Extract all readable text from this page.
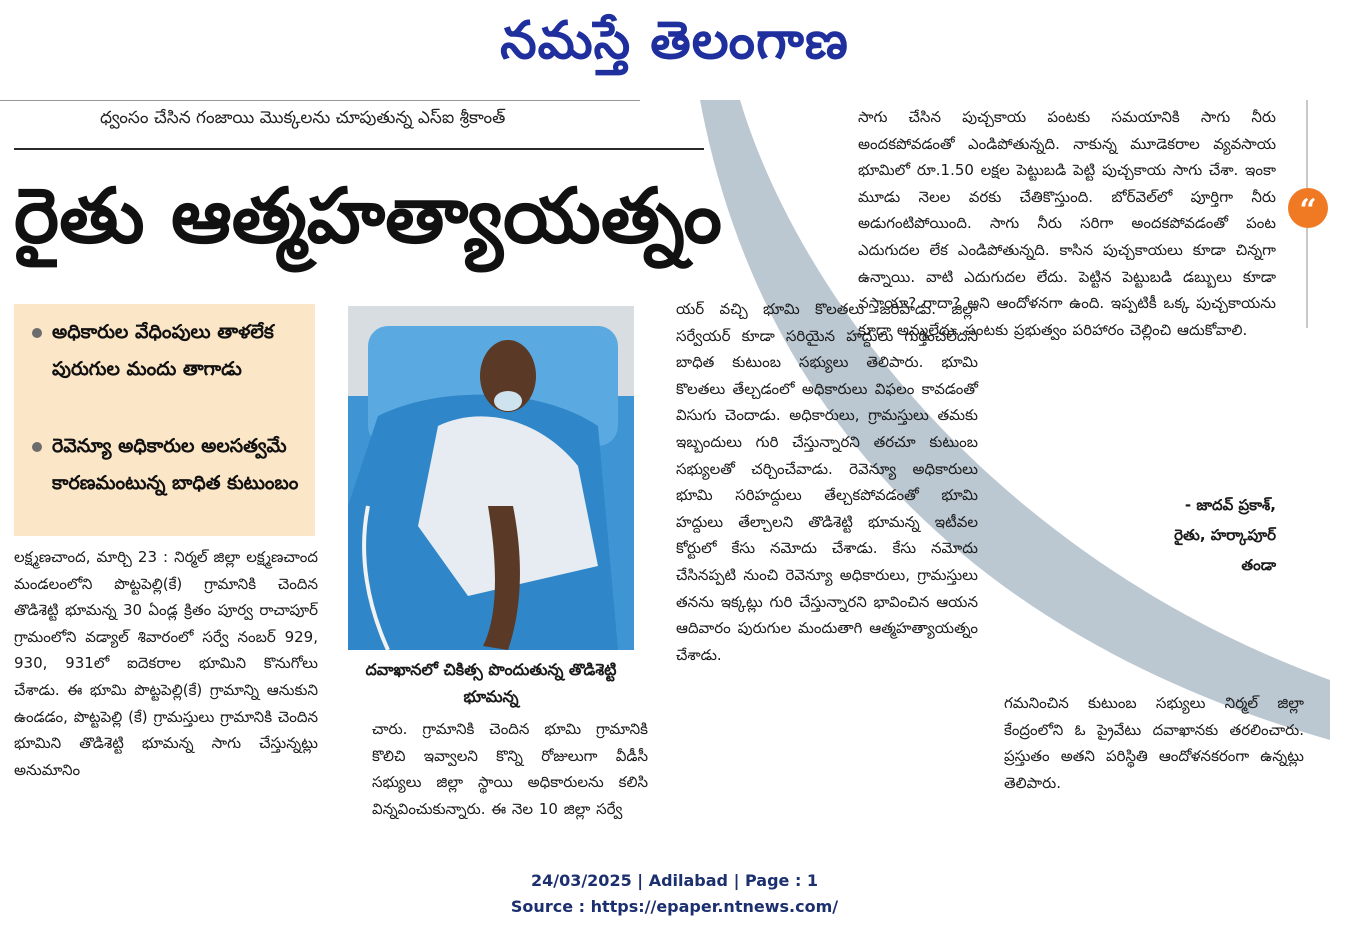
నమస్తే తెలంగాణ
ధ్వంసం చేసిన గంజాయి మొక్కలను చూపుతున్న ఎస్ఐ శ్రీకాంత్
రైతు ఆత్మహత్యాయత్నం
అధికారుల వేధింపులు తాళలేక పురుగుల మందు తాగాడు
రెవెన్యూ అధికారుల అలసత్వమే కారణమంటున్న బాధిత కుటుంబం
లక్ష్మణచాంద, మార్చి 23 : నిర్మల్ జిల్లా లక్ష్మణచాంద మండలంలోని పొట్టపెల్లి(కే) గ్రామానికి చెందిన తొడిశెట్టి భూమన్న 30 ఏండ్ల క్రితం పూర్వ రాచాపూర్ గ్రామంలోని వడ్యాల్ శివారంలో సర్వే నంబర్ 929, 930, 931లో ఐదెకరాల భూమిని కొనుగోలు చేశాడు. ఈ భూమి పొట్టపెల్లి(కే) గ్రామాన్ని ఆనుకుని ఉండడం, పొట్టపెల్లి (కే) గ్రామస్తులు గ్రామానికి చెందిన భూమిని తొడిశెట్టి భూమన్న సాగు చేస్తున్నట్లు అనుమానిం
దవాఖానలో చికిత్స పొందుతున్న తొడిశెట్టి భూమన్న
చారు. గ్రామానికి చెందిన భూమి గ్రామానికి కొలిచి ఇవ్వాలని కొన్ని రోజులుగా వీడీసీ సభ్యులు జిల్లా స్థాయి అధికారులను కలిసి విన్నవించుకున్నారు. ఈ నెల 10 జిల్లా సర్వే
యర్ వచ్చి భూమి కొలతలు జరిపాడు. జిల్లా సర్వేయర్ కూడా సరియైన హద్దులు గుర్తించలేదని బాధిత కుటుంబ సభ్యులు తెలిపారు. భూమి కొలతలు తేల్చడంలో అధికారులు విఫలం కావడంతో విసుగు చెందాడు. అధికారులు, గ్రామస్తులు తమకు ఇబ్బందులు గురి చేస్తున్నారని తరచూ కుటుంబ సభ్యులతో చర్చించేవాడు. రెవెన్యూ అధికారులు భూమి సరిహద్దులు తేల్చకపోవడంతో భూమి హద్దులు తేల్చాలని తొడిశెట్టి భూమన్న ఇటీవల కోర్టులో కేసు నమోదు చేశాడు. కేసు నమోదు చేసినప్పటి నుంచి రెవెన్యూ అధికారులు, గ్రామస్తులు తనను ఇక్కట్లు గురి చేస్తున్నారని భావించిన ఆయన ఆదివారం పురుగుల మందుతాగి ఆత్మహత్యాయత్నం చేశాడు.
గమనించిన కుటుంబ సభ్యులు నిర్మల్ జిల్లా కేంద్రంలోని ఓ ప్రైవేటు దవాఖానకు తరలించారు. ప్రస్తుతం అతని పరిస్థితి ఆందోళనకరంగా ఉన్నట్లు తెలిపారు.
సాగు చేసిన పుచ్చకాయ పంటకు సమయానికి సాగు నీరు అందకపోవడంతో ఎండిపోతున్నది. నాకున్న మూడెకరాల వ్యవసాయ భూమిలో రూ.1.50 లక్షల పెట్టుబడి పెట్టి పుచ్చకాయ సాగు చేశా. ఇంకా మూడు నెలల వరకు చేతికొస్తుంది. బోర్‌వెల్‌లో పూర్తిగా నీరు అడుగంటిపోయింది. సాగు నీరు సరిగా అందకపోవడంతో పంట ఎదుగుదల లేక ఎండిపోతున్నది. కాసిన పుచ్చకాయలు కూడా చిన్నగా ఉన్నాయి. వాటి ఎదుగుదల లేదు. పెట్టిన పెట్టుబడి డబ్బులు కూడా వస్తాయా? రాదా? అని ఆందోళనగా ఉంది. ఇప్పటికీ ఒక్క పుచ్చకాయను కూడా అమ్మలేదు. పంటకు ప్రభుత్వం పరిహారం చెల్లించి ఆదుకోవాలి.
- జాదవ్ ప్రకాశ్,
రైతు, హర్కాపూర్
తండా
“
24/03/2025 | Adilabad | Page : 1
Source : https://epaper.ntnews.com/
